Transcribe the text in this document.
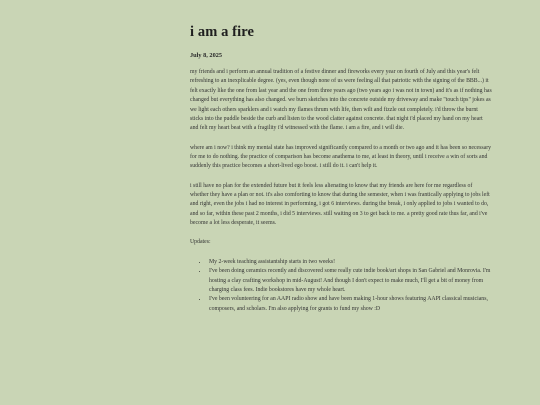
i am a fire
July 8, 2025

my friends and i perform an annual tradition of a festive dinner and fireworks every year on fourth of July and this year's felt refreshing to an inexplicable degree. (yes, even though none of us were feeling all that patriotic with the signing of the BBB...) it felt exactly like the one from last year and the one from three years ago (two years ago i was not in town) and it's as if nothing has changed but everything has also changed. we burn sketches into the concrete outside my driveway and make "touch tips" jokes as we light each others sparklers and i watch my flames thrum with life, then wilt and fizzle out completely. i'd throw the burnt sticks into the puddle beside the curb and listen to the wood clatter against concrete. that night i'd placed my hand on my heart and felt my heart beat with a fragility i'd witnessed with the flame. i am a fire, and i will die.

where am i now? i think my mental state has improved significantly compared to a month or two ago and it has been so necessary for me to do nothing. the practice of comparison has become anathema to me, at least in theory, until i receive a win of sorts and suddenly this practice becomes a short-lived ego boost. i still do it. i can't help it.

i still have no plan for the extended future but it feels less alienating to know that my friends are here for me regardless of whether they have a plan or not. it's also comforting to know that during the semester, when i was frantically applying to jobs left and right, even the jobs i had no interest in performing, i got 6 interviews. during the break, i only applied to jobs i wanted to do, and so far, within these past 2 months, i did 5 interviews. still waiting on 3 to get back to me. a pretty good rate thus far, and i've become a lot less desperate, it seems.

Updates:

• My 2-week teaching assistantship starts in two weeks!
• I've been doing ceramics recently and discovered some really cute indie book/art shops in San Gabriel and Monrovia. I'm hosting a clay crafting workshop in mid-August! And though I don't expect to make much, I'll get a bit of money from charging class fees. Indie bookstores have my whole heart.
• I've been volunteering for an AAPI radio show and have been making 1-hour shows featuring AAPI classical musicians, composers, and scholars. I'm also applying for grants to fund my show :D
